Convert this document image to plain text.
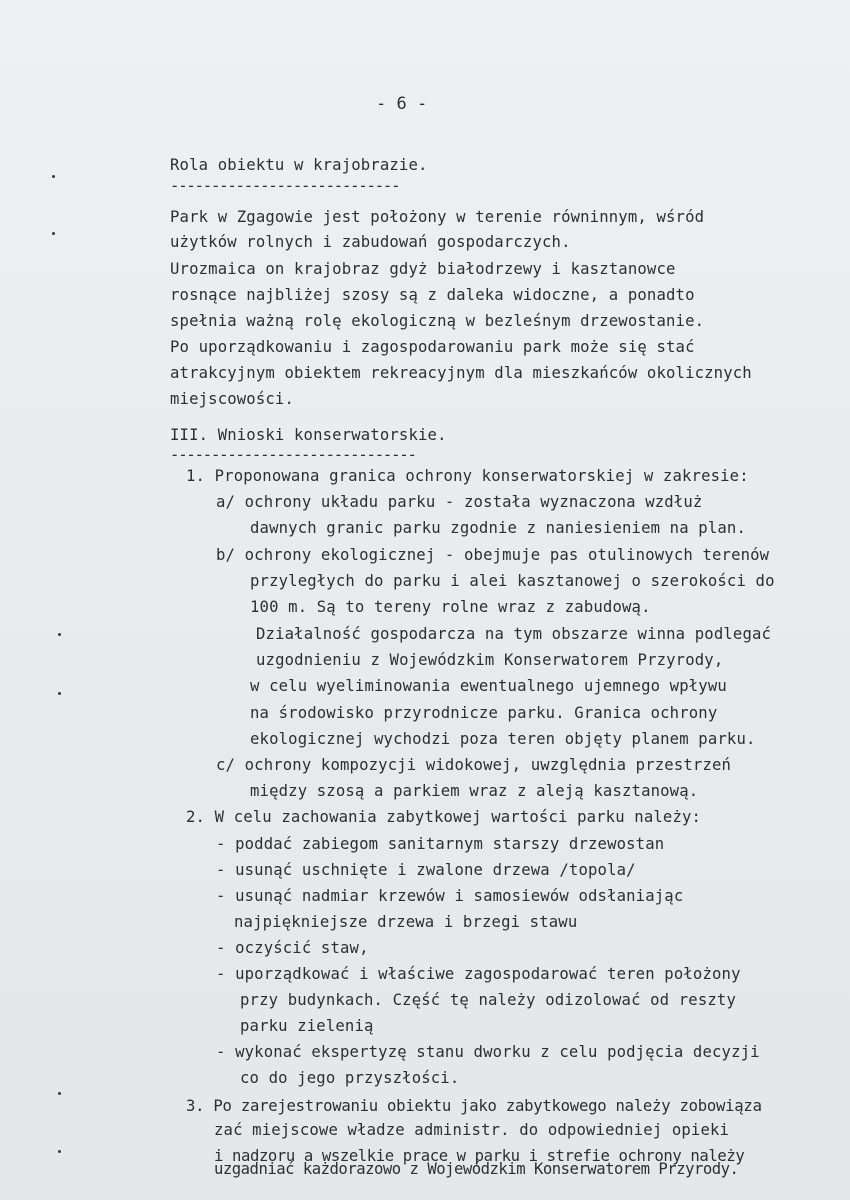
- 6 -
Rola obiektu w krajobrazie.
----------------------------
Park w Zgagowie jest położony w terenie równinnym, wśród
użytków rolnych i zabudowań gospodarczych.
Urozmaica on krajobraz gdyż białodrzewy i kasztanowce
rosnące najbliżej szosy są z daleka widoczne, a ponadto
spełnia ważną rolę ekologiczną w bezleśnym drzewostanie.
Po uporządkowaniu i zagospodarowaniu park może się stać
atrakcyjnym obiektem rekreacyjnym dla mieszkańców okolicznych
miejscowości.
III. Wnioski konserwatorskie.
------------------------------
1. Proponowana granica ochrony konserwatorskiej w zakresie:
a/ ochrony układu parku - została wyznaczona wzdłuż
dawnych granic parku zgodnie z naniesieniem na plan.
b/ ochrony ekologicznej - obejmuje pas otulinowych terenów
przyległych do parku i alei kasztanowej o szerokości do
100 m. Są to tereny rolne wraz z zabudową.
Działalność gospodarcza na tym obszarze winna podlegać
uzgodnieniu z Wojewódzkim Konserwatorem Przyrody,
w celu wyeliminowania ewentualnego ujemnego wpływu
na środowisko przyrodnicze parku. Granica ochrony
ekologicznej wychodzi poza teren objęty planem parku.
c/ ochrony kompozycji widokowej, uwzględnia przestrzeń
między szosą a parkiem wraz z aleją kasztanową.
2. W celu zachowania zabytkowej wartości parku należy:
- poddać zabiegom sanitarnym starszy drzewostan
- usunąć uschnięte i zwalone drzewa /topola/
- usunąć nadmiar krzewów i samosiewów odsłaniając
najpiękniejsze drzewa i brzegi stawu
- oczyścić staw,
- uporządkować i właściwe zagospodarować teren położony
przy budynkach. Część tę należy odizolować od reszty
parku zielenią
- wykonać ekspertyzę stanu dworku z celu podjęcia decyzji
co do jego przyszłości.
3. Po zarejestrowaniu obiektu jako zabytkowego należy zobowiąza
zać miejscowe władze administr. do odpowiedniej opieki
i nadzoru a wszelkie prace w parku i strefie ochrony należy
uzgadniać każdorazowo z Wojewódzkim Konserwatorem Przyrody.
